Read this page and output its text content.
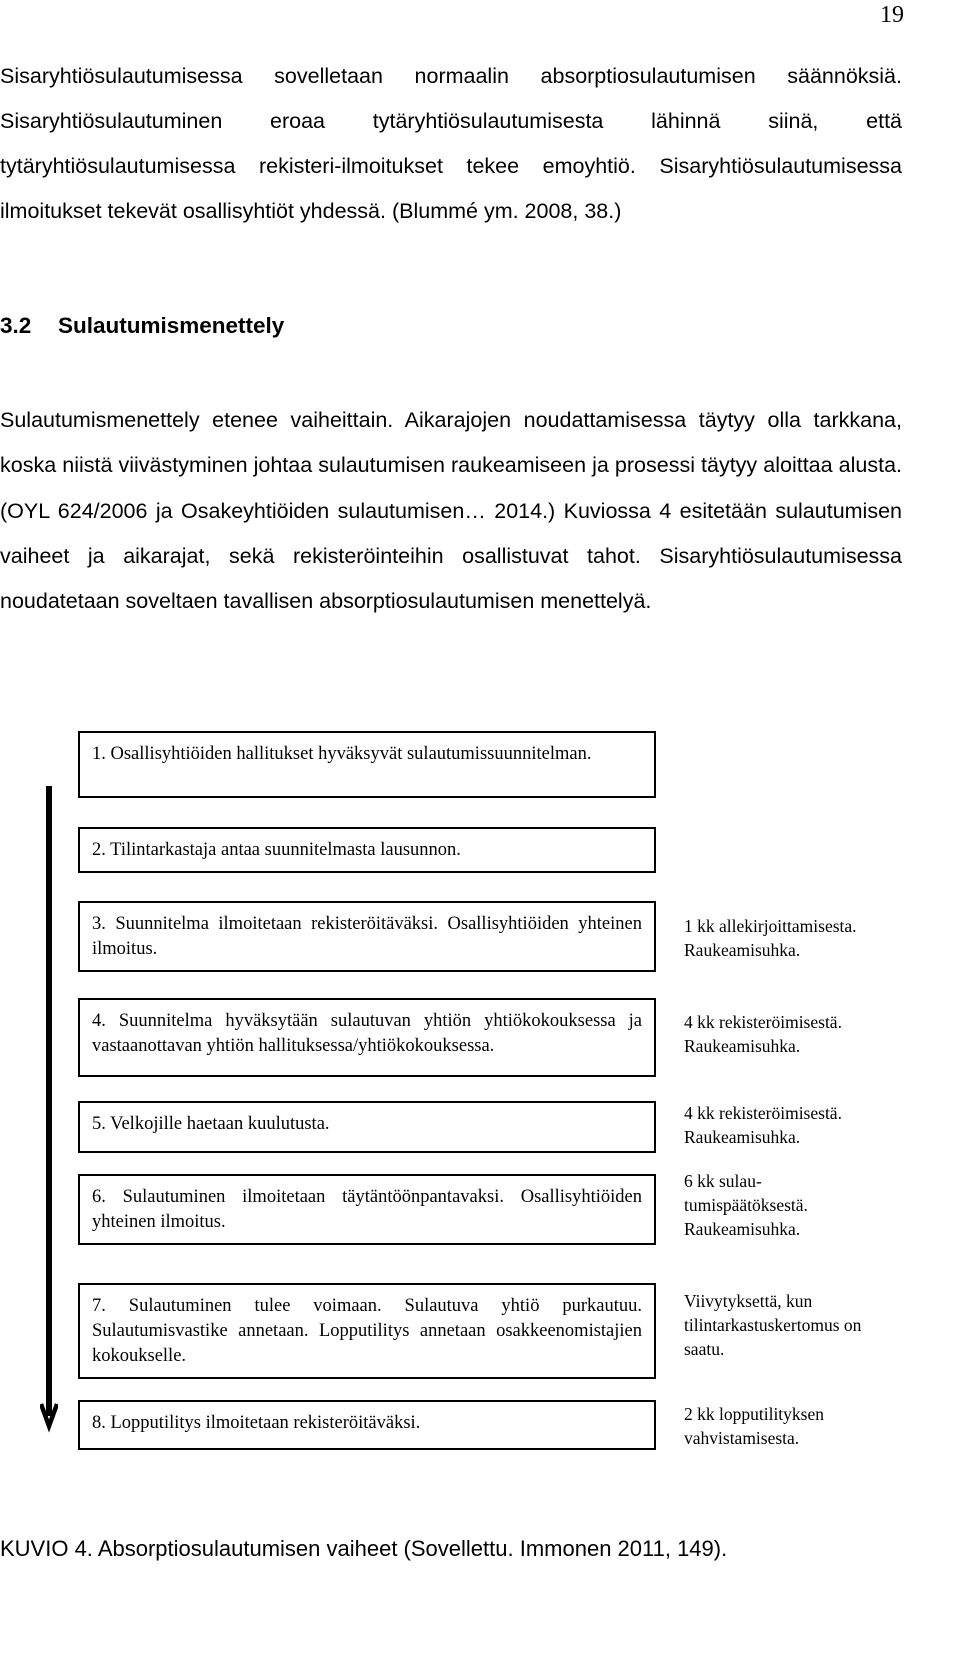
19

Sisaryhtiösulautumisessa sovelletaan normaalin absorptiosulautumisen säännöksiä. Sisaryhtiösulautuminen eroaa tytäryhtiösulautumisesta lähinnä siinä, että tytäryhtiösulautumisessa rekisteri-ilmoitukset tekee emoyhtiö. Sisaryhtiösulautumisessa ilmoitukset tekevät osallisyhtiöt yhdessä. (Blummé ym. 2008, 38.)

3.2 Sulautumismenettely

Sulautumismenettely etenee vaiheittain. Aikarajojen noudattamisessa täytyy olla tarkkana, koska niistä viivästyminen johtaa sulautumisen raukeamiseen ja prosessi täytyy aloittaa alusta. (OYL 624/2006 ja Osakeyhtiöiden sulautumisen… 2014.) Kuviossa 4 esitetään sulautumisen vaiheet ja aikarajat, sekä rekisteröinteihin osallistuvat tahot. Sisaryhtiösulautumisessa noudatetaan soveltaen tavallisen absorptiosulautumisen menettelyä.

1. Osallisyhtiöiden hallitukset hyväksyvät sulautumissuunnitelman.
2. Tilintarkastaja antaa suunnitelmasta lausunnon.
3. Suunnitelma ilmoitetaan rekisteröitäväksi. Osallisyhtiöiden yhteinen ilmoitus.
4. Suunnitelma hyväksytään sulautuvan yhtiön yhtiökokouksessa ja vastaanottavan yhtiön hallituksessa/yhtiökokouksessa.
5. Velkojille haetaan kuulutusta.
6. Sulautuminen ilmoitetaan täytäntöönpantavaksi. Osallisyhtiöiden yhteinen ilmoitus.
7. Sulautuminen tulee voimaan. Sulautuva yhtiö purkautuu. Sulautumisvastike annetaan. Lopputilitys annetaan osakkeenomistajien kokoukselle.
8. Lopputilitys ilmoitetaan rekisteröitäväksi.
1 kk allekirjoittamisesta. Raukeamisuhka.
4 kk rekisteröimisestä. Raukeamisuhka.
4 kk rekisteröimisestä. Raukeamisuhka.
6 kk sulau-tumispäätöksestä. Raukeamisuhka.
Viivytyksettä, kun tilintarkastuskertomus on saatu.
2 kk lopputilityksen vahvistamisesta.
KUVIO 4. Absorptiosulautumisen vaiheet (Sovellettu. Immonen 2011, 149).
